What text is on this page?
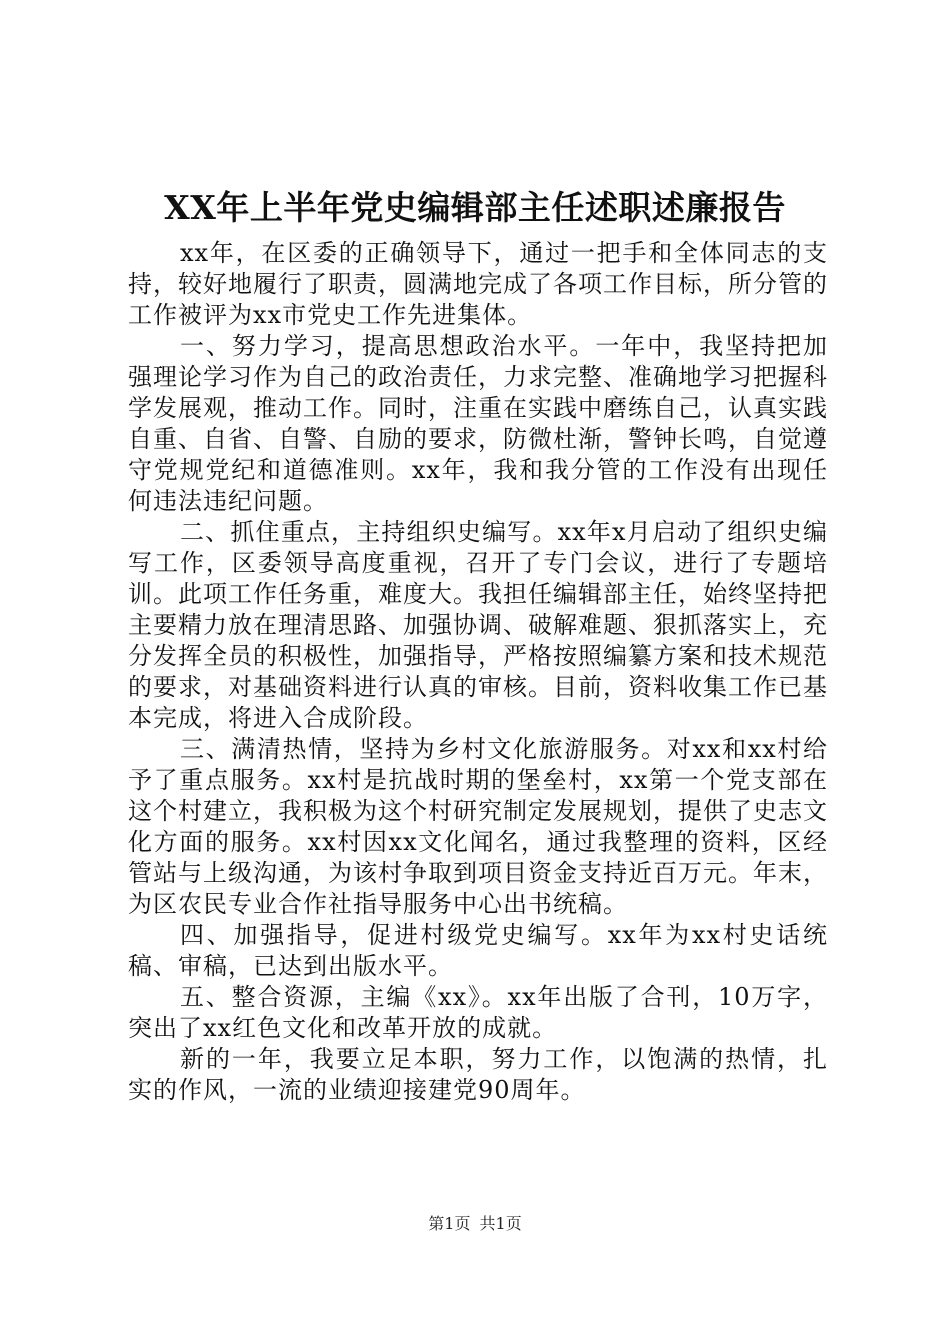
XX年上半年党史编辑部主任述职述廉报告

xx年，在区委的正确领导下，通过一把手和全体同志的支持，较好地履行了职责，圆满地完成了各项工作目标，所分管的工作被评为xx市党史工作先进集体。

一、努力学习，提高思想政治水平。一年中，我坚持把加强理论学习作为自己的政治责任，力求完整、准确地学习把握科学发展观，推动工作。同时，注重在实践中磨练自己，认真实践自重、自省、自警、自励的要求，防微杜渐，警钟长鸣，自觉遵守党规党纪和道德准则。xx年，我和我分管的工作没有出现任何违法违纪问题。

二、抓住重点，主持组织史编写。xx年x月启动了组织史编写工作，区委领导高度重视，召开了专门会议，进行了专题培训。此项工作任务重，难度大。我担任编辑部主任，始终坚持把主要精力放在理清思路、加强协调、破解难题、狠抓落实上，充分发挥全员的积极性，加强指导，严格按照编纂方案和技术规范的要求，对基础资料进行认真的审核。目前，资料收集工作已基本完成，将进入合成阶段。

三、满清热情，坚持为乡村文化旅游服务。对xx和xx村给予了重点服务。xx村是抗战时期的堡垒村，xx第一个党支部在这个村建立，我积极为这个村研究制定发展规划，提供了史志文化方面的服务。xx村因xx文化闻名，通过我整理的资料，区经管站与上级沟通，为该村争取到项目资金支持近百万元。年末，为区农民专业合作社指导服务中心出书统稿。

四、加强指导，促进村级党史编写。xx年为xx村史话统稿、审稿，已达到出版水平。

五、整合资源，主编《xx》。xx年出版了合刊，10万字，突出了xx红色文化和改革开放的成就。

新的一年，我要立足本职，努力工作，以饱满的热情，扎实的作风，一流的业绩迎接建党90周年。

第1页 共1页
